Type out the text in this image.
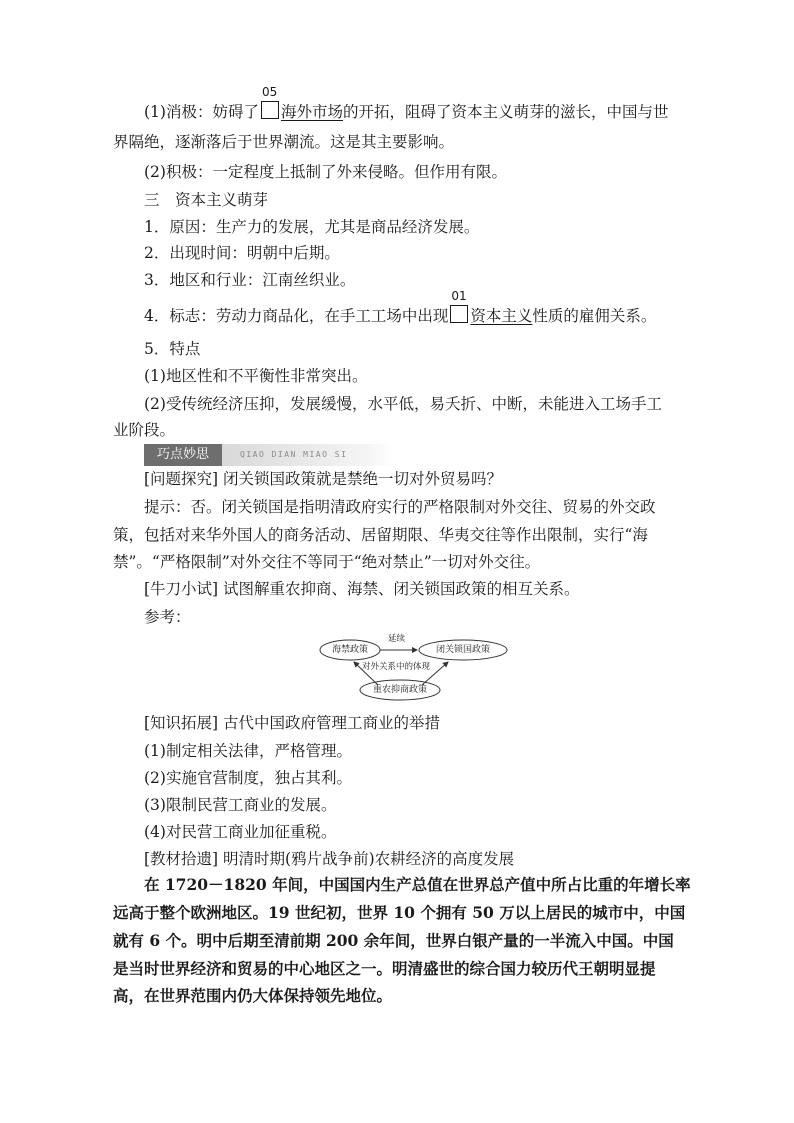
(1)消极：妨碍了
05
海外市场的开拓，阻碍了资本主义萌芽的滋长，中国与世
界隔绝，逐渐落后于世界潮流。这是其主要影响。
(2)积极：一定程度上抵制了外来侵略。但作用有限。
三　资本主义萌芽
1．原因：生产力的发展，尤其是商品经济发展。
2．出现时间：明朝中后期。
3．地区和行业：江南丝织业。
4．标志：劳动力商品化，在手工工场中出现
01
资本主义性质的雇佣关系。
5．特点
(1)地区性和不平衡性非常突出。
(2)受传统经济压抑，发展缓慢，水平低，易夭折、中断，未能进入工场手工
业阶段。
巧点妙思	QIAO DIAN MIAO SI
[问题探究] 闭关锁国政策就是禁绝一切对外贸易吗？
提示：否。闭关锁国是指明清政府实行的严格限制对外交往、贸易的外交政
策，包括对来华外国人的商务活动、居留期限、华夷交往等作出限制，实行“海
禁”。“严格限制”对外交往不等同于“绝对禁止”一切对外交往。
[牛刀小试] 试图解重农抑商、海禁、闭关锁国政策的相互关系。
参考：
海禁政策	闭关锁国政策
重农抑商政策
延续
对外关系中的体现
[知识拓展] 古代中国政府管理工商业的举措
(1)制定相关法律，严格管理。
(2)实施官营制度，独占其利。
(3)限制民营工商业的发展。
(4)对民营工商业加征重税。
[教材拾遗] 明清时期(鸦片战争前)农耕经济的高度发展
在 1720－1820 年间，中国国内生产总值在世界总产值中所占比重的年增长率
远高于整个欧洲地区。19 世纪初，世界 10 个拥有 50 万以上居民的城市中，中国
就有 6 个。明中后期至清前期 200 余年间，世界白银产量的一半流入中国。中国
是当时世界经济和贸易的中心地区之一。明清盛世的综合国力较历代王朝明显提
高，在世界范围内仍大体保持领先地位。
